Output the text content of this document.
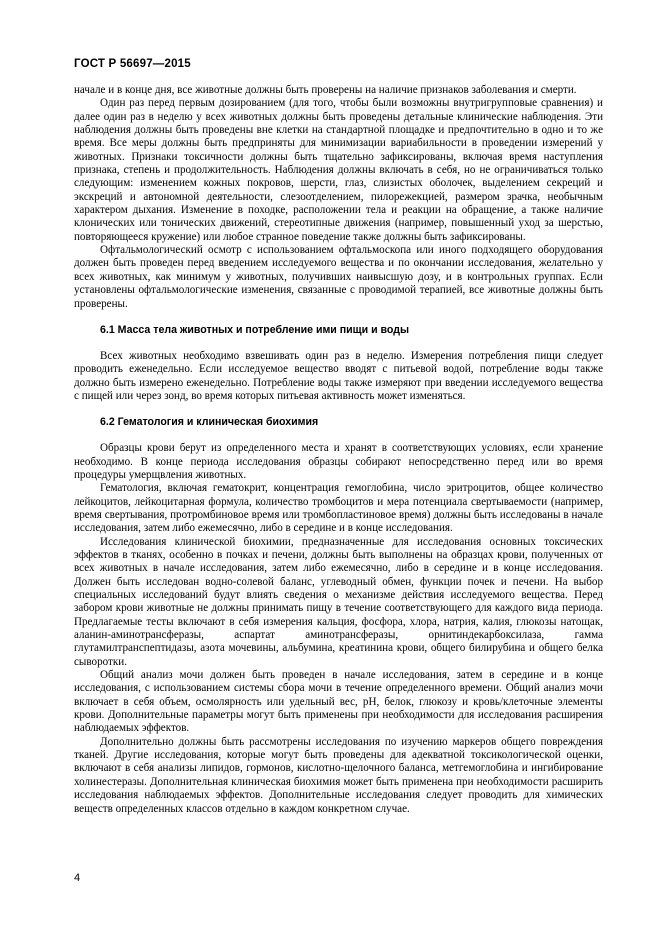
ГОСТ Р 56697—2015

начале и в конце дня, все животные должны быть проверены на наличие признаков заболевания и смерти.

Один раз перед первым дозированием (для того, чтобы были возможны внутригрупповые сравнения) и далее один раз в неделю у всех животных должны быть проведены детальные клинические наблюдения. Эти наблюдения должны быть проведены вне клетки на стандартной площадке и предпочтительно в одно и то же время. Все меры должны быть предприняты для минимизации вариабильности в проведении измерений у животных. Признаки токсичности должны быть тщательно зафиксированы, включая время наступления признака, степень и продолжительность. Наблюдения должны включать в себя, но не ограничиваться только следующим: изменением кожных покровов, шерсти, глаз, слизистых оболочек, выделением секреций и экскреций и автономной деятельности, слезоотделением, пилорежекцией, размером зрачка, необычным характером дыхания. Изменение в походке, расположении тела и реакции на обращение, а также наличие клонических или тонических движений, стереотипные движения (например, повышенный уход за шерстью, повторяющееся кружение) или любое странное поведение также должны быть зафиксированы.

Офтальмологический осмотр с использованием офтальмоскопа или иного подходящего оборудования должен быть проведен перед введением исследуемого вещества и по окончании исследования, желательно у всех животных, как минимум у животных, получивших наивысшую дозу, и в контрольных группах. Если установлены офтальмологические изменения, связанные с проводимой терапией, все животные должны быть проверены.

6.1 Масса тела животных и потребление ими пищи и воды

Всех животных необходимо взвешивать один раз в неделю. Измерения потребления пищи следует проводить еженедельно. Если исследуемое вещество вводят с питьевой водой, потребление воды также должно быть измерено еженедельно. Потребление воды также измеряют при введении исследуемого вещества с пищей или через зонд, во время которых питьевая активность может изменяться.

6.2 Гематология и клиническая биохимия

Образцы крови берут из определенного места и хранят в соответствующих условиях, если хранение необходимо. В конце периода исследования образцы собирают непосредственно перед или во время процедуры умерщвления животных.

Гематология, включая гематокрит, концентрация гемоглобина, число эритроцитов, общее количество лейкоцитов, лейкоцитарная формула, количество тромбоцитов и мера потенциала свертываемости (например, время свертывания, протромбиновое время или тромбопластиновое время) должны быть исследованы в начале исследования, затем либо ежемесячно, либо в середине и в конце исследования.

Исследования клинической биохимии, предназначенные для исследования основных токсических эффектов в тканях, особенно в почках и печени, должны быть выполнены на образцах крови, полученных от всех животных в начале исследования, затем либо ежемесячно, либо в середине и в конце исследования. Должен быть исследован водно-солевой баланс, углеводный обмен, функции почек и печени. На выбор специальных исследований будут влиять сведения о механизме действия исследуемого вещества. Перед забором крови животные не должны принимать пищу в течение соответствующего для каждого вида периода. Предлагаемые тесты включают в себя измерения кальция, фосфора, хлора, натрия, калия, глюкозы натощак, аланин-аминотрансферазы, аспартат аминотрансферазы, орнитиндекарбоксилаза, гамма глутамилтранспептидазы, азота мочевины, альбумина, креатинина крови, общего билирубина и общего белка сыворотки.

Общий анализ мочи должен быть проведен в начале исследования, затем в середине и в конце исследования, с использованием системы сбора мочи в течение определенного времени. Общий анализ мочи включает в себя объем, осмолярность или удельный вес, рН, белок, глюкозу и кровь/клеточные элементы крови. Дополнительные параметры могут быть применены при необходимости для исследования расширения наблюдаемых эффектов.

Дополнительно должны быть рассмотрены исследования по изучению маркеров общего повреждения тканей. Другие исследования, которые могут быть проведены для адекватной токсикологической оценки, включают в себя анализы липидов, гормонов, кислотно-щелочного баланса, метгемоглобина и ингибирование холинестеразы. Дополнительная клиническая биохимия может быть применена при необходимости расширить исследования наблюдаемых эффектов. Дополнительные исследования следует проводить для химических веществ определенных классов отдельно в каждом конкретном случае.

4
